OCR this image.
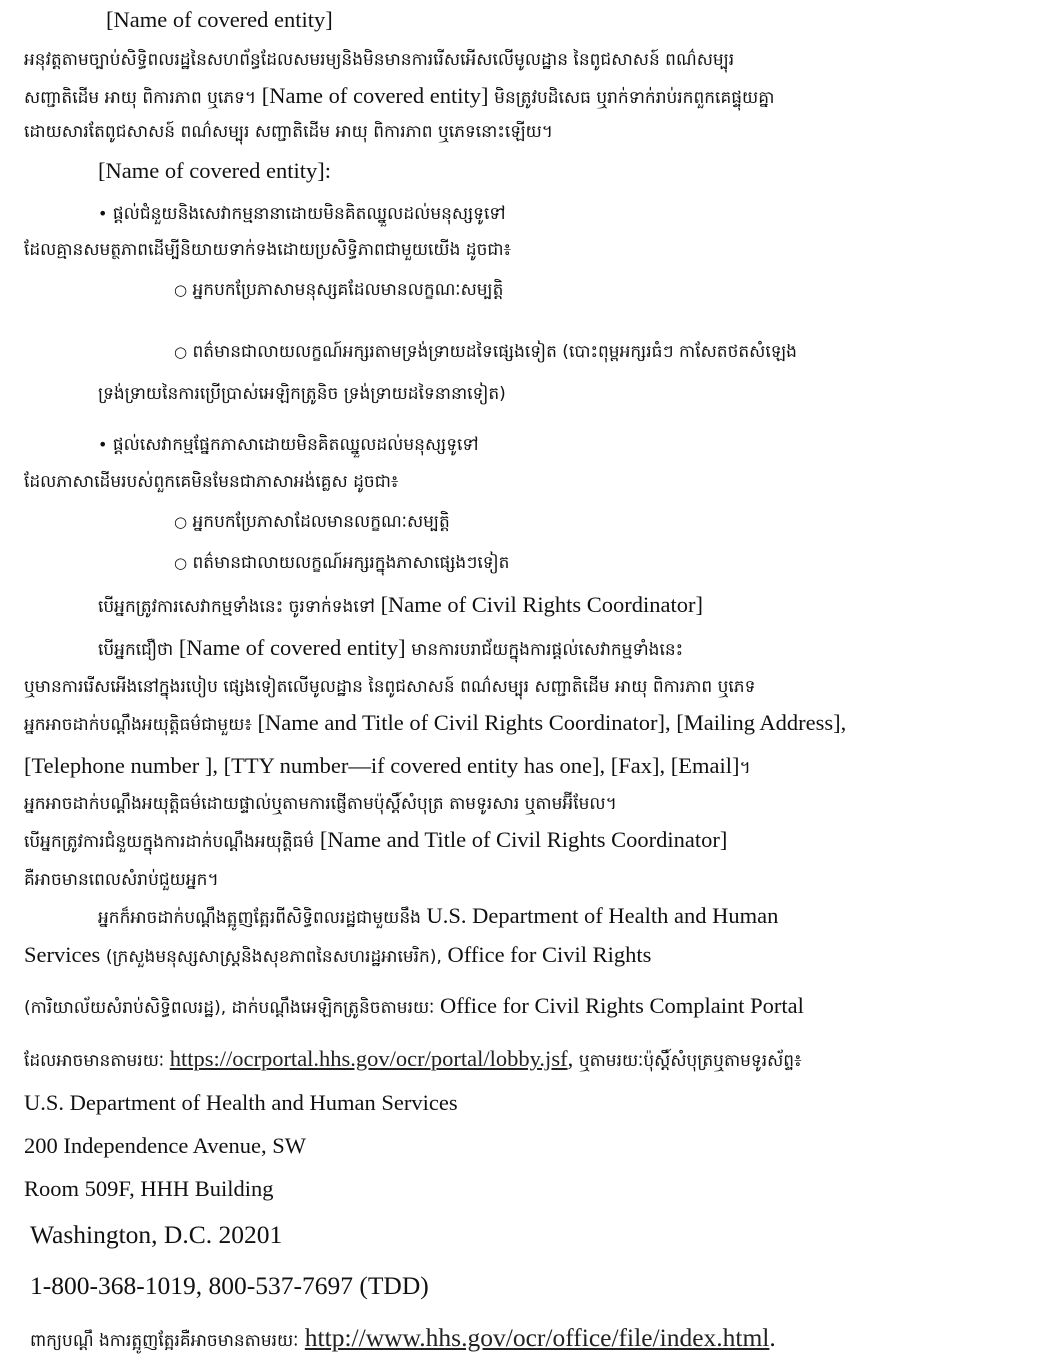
[Name of covered entity]
អនុវត្តតាមច្បាប់សិទ្ធិពលរដ្ឋនៃសហព័ន្ធដែលសមរម្យនិងមិនមានការរើសអើសលើមូលដ្ឋាន នៃពូជសាសន៍ ពណ៌សម្បុរ
សញ្ជាតិដើម អាយុ ពិការភាព ឬភេទ។ [Name of covered entity] មិនត្រូវបដិសេធ ឬរាក់ទាក់រាប់រកពួកគេផ្ទុយគ្នា
ដោយសារតែពូជសាសន៍ ពណ៌សម្បុរ សញ្ជាតិដើម អាយុ ពិការភាព ឬភេទនោះឡើយ។
[Name of covered entity]:
• ផ្តល់ជំនួយនិងសេវាកម្មនានាដោយមិនគិតឈ្នួលដល់មនុស្សទូទៅ
ដែលគ្មានសមត្ថភាពដើម្បីនិយាយទាក់ទងដោយប្រសិទ្ធិភាពជាមួយយើង ដូចជា៖
○ អ្នកបកប្រែភាសាមនុស្សគដែលមានលក្ខណៈសម្បត្តិ
○ ពត៌មានជាលាយលក្ខណ៍អក្សរតាមទ្រង់ទ្រាយដទៃផ្សេងទៀត (បោះពុម្ពអក្សរធំៗ កាសែតថតសំឡេង
ទ្រង់ទ្រាយនៃការប្រើប្រាស់អេឡិកត្រូនិច ទ្រង់ទ្រាយដទៃនានាទៀត)
• ផ្តល់សេវាកម្មផ្នែកភាសាដោយមិនគិតឈ្នួលដល់មនុស្សទូទៅ
ដែលភាសាដើមរបស់ពួកគេមិនមែនជាភាសាអង់គ្លេស ដូចជា៖
○ អ្នកបកប្រែភាសាដែលមានលក្ខណៈសម្បត្តិ
○ ពត៌មានជាលាយលក្ខណ៍អក្សរក្នុងភាសាផ្សេងៗទៀត
បើអ្នកត្រូវការសេវាកម្មទាំងនេះ ចូរទាក់ទងទៅ [Name of Civil Rights Coordinator]
បើអ្នកជឿថា [Name of covered entity] មានការបរាជ័យក្នុងការផ្តល់សេវាកម្មទាំងនេះ
ឬមានការរើសអើងនៅក្នុងរបៀប ផ្សេងទៀតលើមូលដ្ឋាន នៃពូជសាសន៍ ពណ៌សម្បុរ សញ្ជាតិដើម អាយុ ពិការភាព ឬភេទ
អ្នកអាចដាក់បណ្តឹងអយុត្តិធម៌ជាមួយ៖ [Name and Title of Civil Rights Coordinator], [Mailing Address],
[Telephone number ], [TTY number—if covered entity has one], [Fax], [Email]។
អ្នកអាចដាក់បណ្តឹងអយុត្តិធម៌ដោយផ្ទាល់ឬតាមការផ្ញើតាមប៉ុស្តិ៍សំបុត្រ តាមទូរសារ ឬតាមអ៊ីមែល។
បើអ្នកត្រូវការជំនួយក្នុងការដាក់បណ្តឹងអយុត្តិធម៌ [Name and Title of Civil Rights Coordinator]
គឺអាចមានពេលសំរាប់ជួយអ្នក។
អ្នកក៏អាចដាក់បណ្តឹងត្អូញត្អែរពីសិទ្ធិពលរដ្ឋជាមួយនឹង U.S. Department of Health and Human
Services (ក្រសួងមនុស្សសាស្ត្រនិងសុខភាពនៃសហរដ្ឋអាមេរិក), Office for Civil Rights
(ការិយាល័យសំរាប់សិទ្ធិពលរដ្ឋ), ដាក់បណ្តឹងអេឡិកត្រូនិចតាមរយៈ Office for Civil Rights Complaint Portal
ដែលអាចមានតាមរយៈ https://ocrportal.hhs.gov/ocr/portal/lobby.jsf, ឬតាមរយៈប៉ុស្តិ៍សំបុត្រឬតាមទូរស័ព្ទ៖
U.S. Department of Health and Human Services
200 Independence Avenue, SW
Room 509F, HHH Building
Washington, D.C. 20201
1-800-368-1019, 800-537-7697 (TDD)
ពាក្យបណ្តឹ ងការត្អូញត្អែរគឺអាចមានតាមរយៈ http://www.hhs.gov/ocr/office/file/index.html.
